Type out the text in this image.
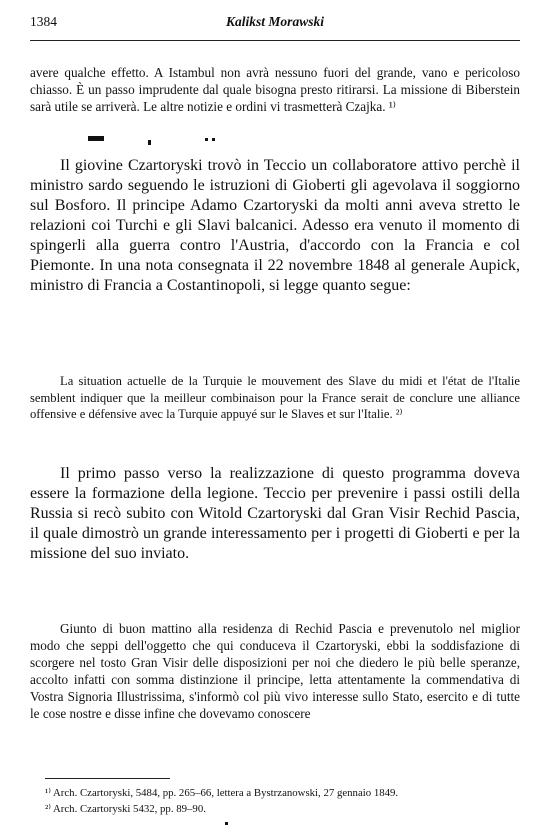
1384	Kalikst Morawski
avere qualche effetto. A Istambul non avrà nessuno fuori del grande, vano e pericoloso chiasso. È un passo imprudente dal quale bisogna presto ritirarsi. La missione di Biberstein sarà utile se arriverà. Le altre notizie e ordini vi trasmetterà Czajka. ¹⁾
Il giovine Czartoryski trovò in Teccio un collaboratore attivo perchè il ministro sardo seguendo le istruzioni di Gioberti gli agevolava il soggiorno sul Bosforo. Il principe Adamo Czartoryski da molti anni aveva stretto le relazioni coi Turchi e gli Slavi balcanici. Adesso era venuto il momento di spingerli alla guerra contro l'Austria, d'accordo con la Francia e col Piemonte. In una nota consegnata il 22 novembre 1848 al generale Aupick, ministro di Francia a Costantinopoli, si legge quanto segue:
La situation actuelle de la Turquie le mouvement des Slave du midi et l'état de l'Italie semblent indiquer que la meilleur combinaison pour la France serait de conclure une alliance offensive e défensive avec la Turquie appuyé sur le Slaves et sur l'Italie. ²⁾
Il primo passo verso la realizzazione di questo programma doveva essere la formazione della legione. Teccio per prevenire i passi ostili della Russia si recò subito con Witold Czartoryski dal Gran Visir Rechid Pascia, il quale dimostrò un grande interessamento per i progetti di Gioberti e per la missione del suo inviato.
Giunto di buon mattino alla residenza di Rechid Pascia e prevenutolo nel miglior modo che seppi dell'oggetto che qui conduceva il Czartoryski, ebbi la soddisfazione di scorgere nel tosto Gran Visir delle disposizioni per noi che diedero le più belle speranze, accolto infatti con somma distinzione il principe, letta attentamente la commendativa di Vostra Signoria Illustrissima, s'informò col più vivo interesse sullo Stato, esercito e di tutte le cose nostre e disse infine che dovevamo conoscere
¹⁾ Arch. Czartoryski, 5484, pp. 265–66, lettera a Bystrzanowski, 27 gennaio 1849.
²⁾ Arch. Czartoryski 5432, pp. 89–90.
